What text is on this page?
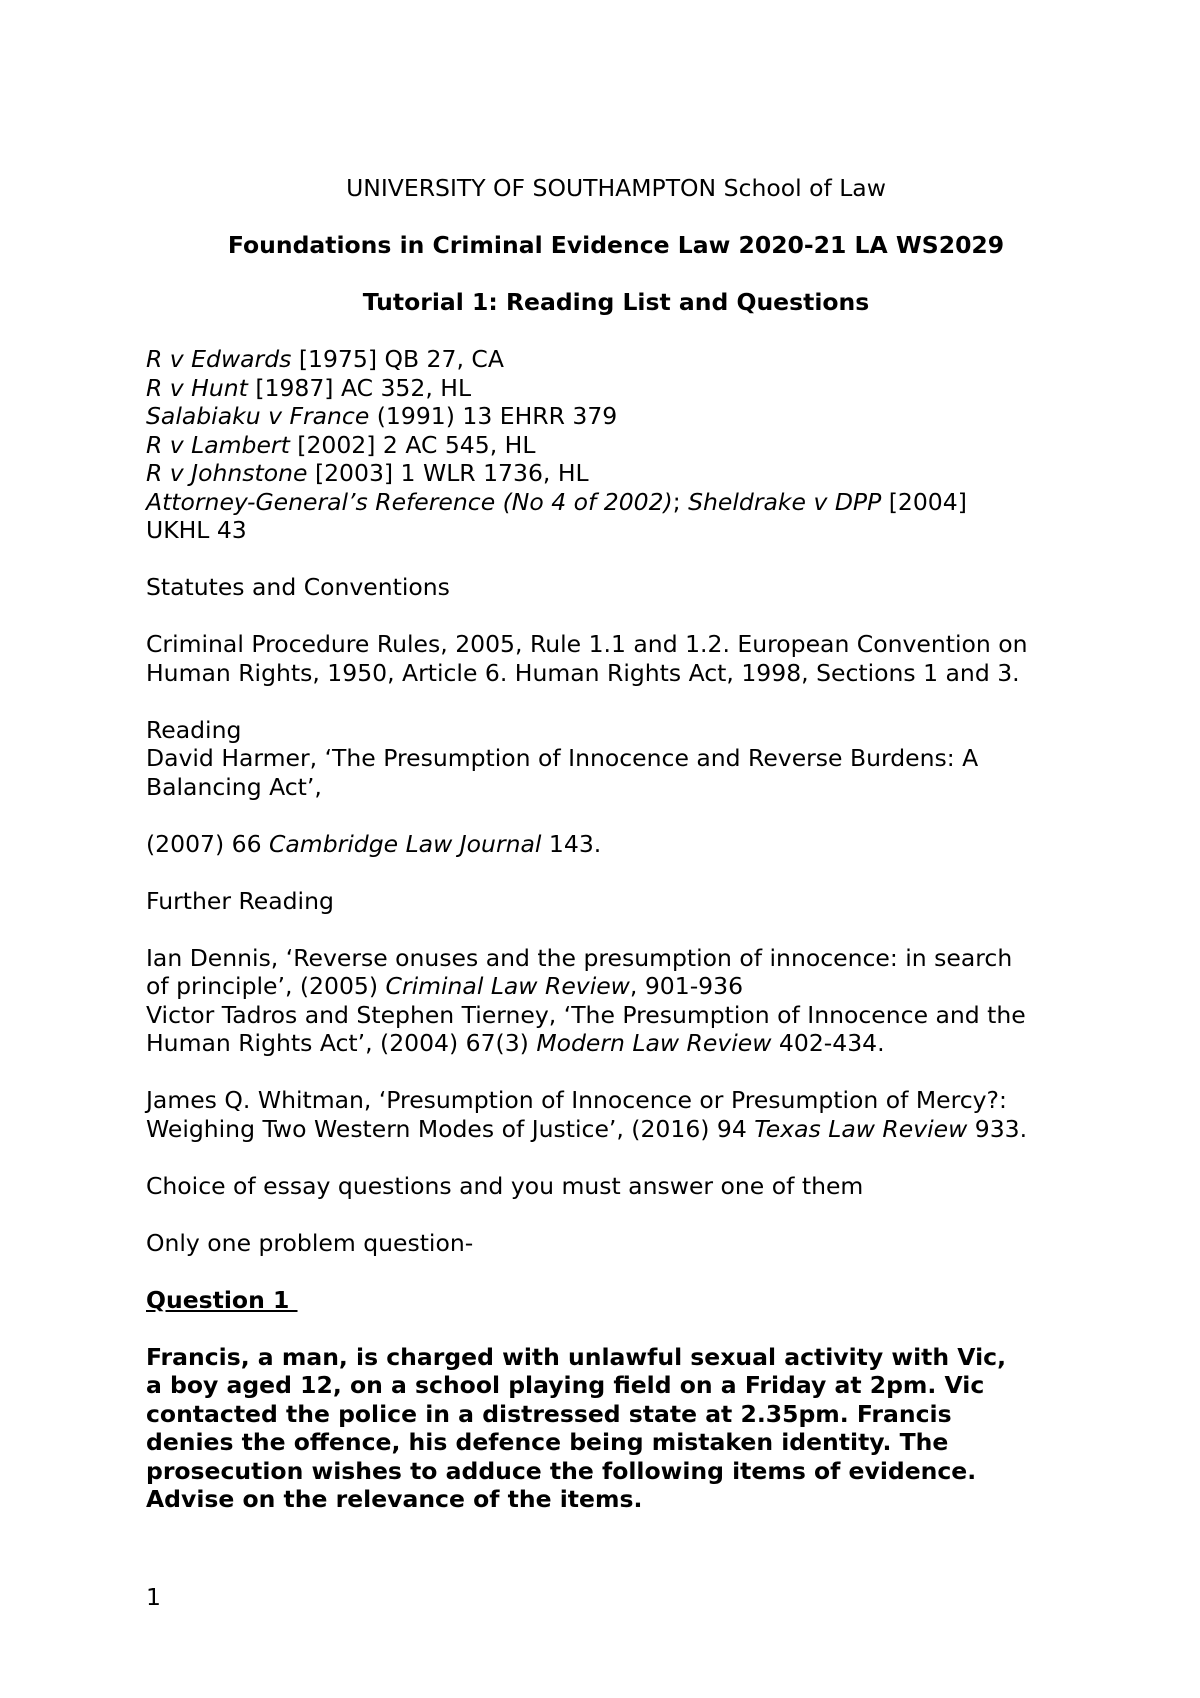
UNIVERSITY OF SOUTHAMPTON School of Law

Foundations in Criminal Evidence Law 2020-21 LA WS2029

Tutorial 1: Reading List and Questions

R v Edwards [1975] QB 27, CA

R v Hunt [1987] AC 352, HL

Salabiaku v France (1991) 13 EHRR 379

R v Lambert [2002] 2 AC 545, HL

R v Johnstone [2003] 1 WLR 1736, HL

Attorney-General’s Reference (No 4 of 2002); Sheldrake v DPP [2004]

UKHL 43

Statutes and Conventions

Criminal Procedure Rules, 2005, Rule 1.1 and 1.2. European Convention on

Human Rights, 1950, Article 6. Human Rights Act, 1998, Sections 1 and 3.

Reading

David Harmer, ‘The Presumption of Innocence and Reverse Burdens: A

Balancing Act’,

(2007) 66 Cambridge Law Journal 143.

Further Reading

Ian Dennis, ‘Reverse onuses and the presumption of innocence: in search

of principle’, (2005) Criminal Law Review, 901-936

Victor Tadros and Stephen Tierney, ‘The Presumption of Innocence and the

Human Rights Act’, (2004) 67(3) Modern Law Review 402-434.

James Q. Whitman, ‘Presumption of Innocence or Presumption of Mercy?:

Weighing Two Western Modes of Justice’, (2016) 94 Texas Law Review 933.

Choice of essay questions and you must answer one of them

Only one problem question-

Question 1

Francis, a man, is charged with unlawful sexual activity with Vic,

a boy aged 12, on a school playing field on a Friday at 2pm. Vic

contacted the police in a distressed state at 2.35pm. Francis

denies the offence, his defence being mistaken identity. The

prosecution wishes to adduce the following items of evidence.

Advise on the relevance of the items.

1
